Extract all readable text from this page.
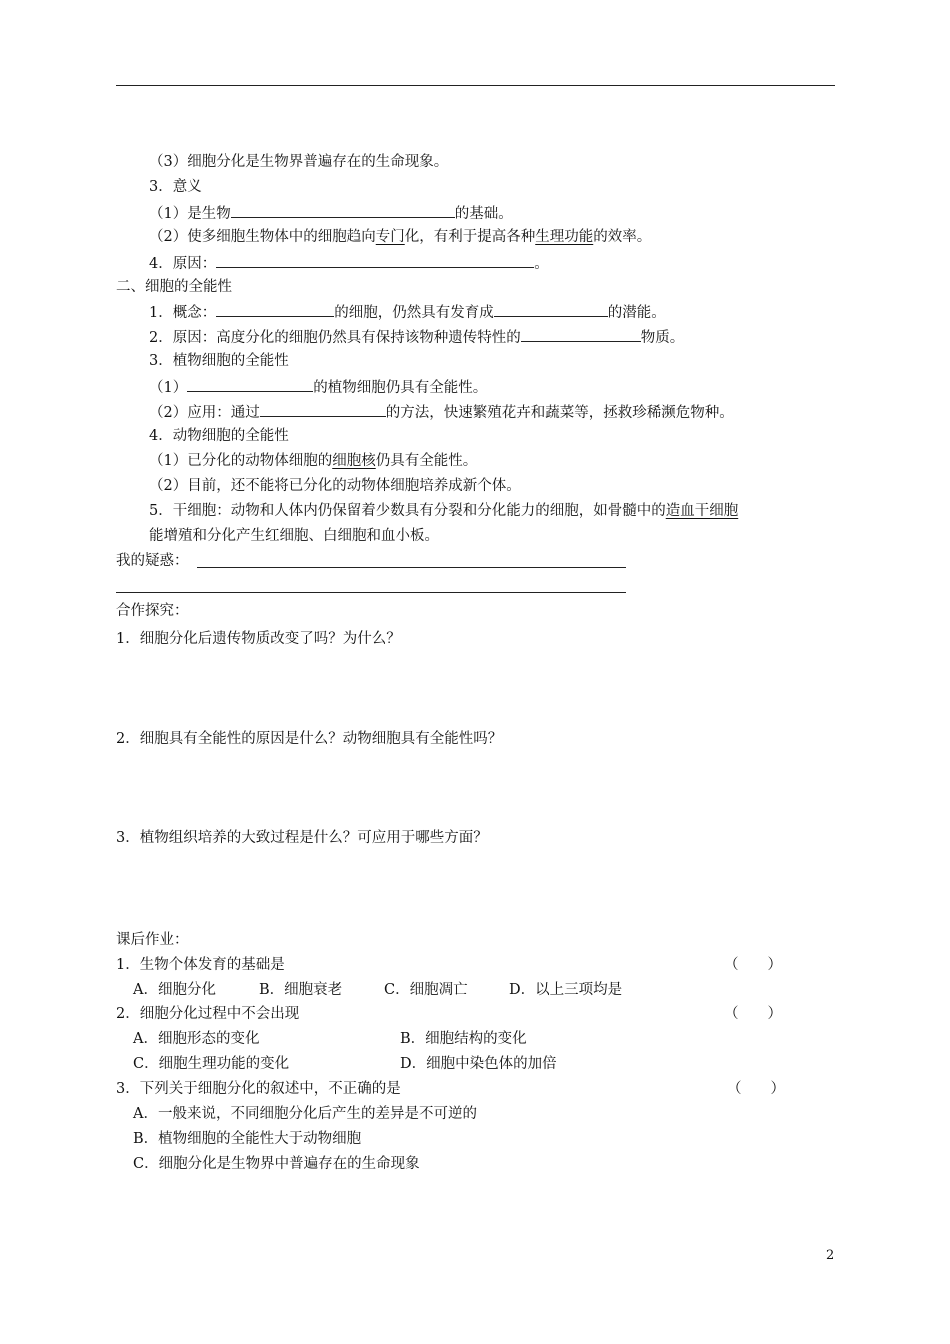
（3）细胞分化是生物界普遍存在的生命现象。
3．意义
（1）是生物	的基础。
（2）使多细胞生物体中的细胞趋向专门化，有利于提高各种生理功能的效率。
4．原因：	。
二、细胞的全能性
1．概念：	的细胞，仍然具有发育成	的潜能。
2．原因：高度分化的细胞仍然具有保持该物种遗传特性的	物质。
3．植物细胞的全能性
（1）	的植物细胞仍具有全能性。
（2）应用：通过	的方法，快速繁殖花卉和蔬菜等，拯救珍稀濒危物种。
4．动物细胞的全能性
（1）已分化的动物体细胞的细胞核仍具有全能性。
（2）目前，还不能将已分化的动物体细胞培养成新个体。
5．干细胞：动物和人体内仍保留着少数具有分裂和分化能力的细胞，如骨髓中的造血干细胞
能增殖和分化产生红细胞、白细胞和血小板。
我的疑惑：
合作探究：
1．细胞分化后遗传物质改变了吗？为什么？
2．细胞具有全能性的原因是什么？动物细胞具有全能性吗？
3．植物组织培养的大致过程是什么？可应用于哪些方面？
课后作业：
1．生物个体发育的基础是	（　　）
A．细胞分化	B．细胞衰老	C．细胞凋亡	D．以上三项均是
2．细胞分化过程中不会出现	（　　）
A．细胞形态的变化	B．细胞结构的变化
C．细胞生理功能的变化	D．细胞中染色体的加倍
3．下列关于细胞分化的叙述中，不正确的是	（　　）
A．一般来说，不同细胞分化后产生的差异是不可逆的
B．植物细胞的全能性大于动物细胞
C．细胞分化是生物界中普遍存在的生命现象
2
